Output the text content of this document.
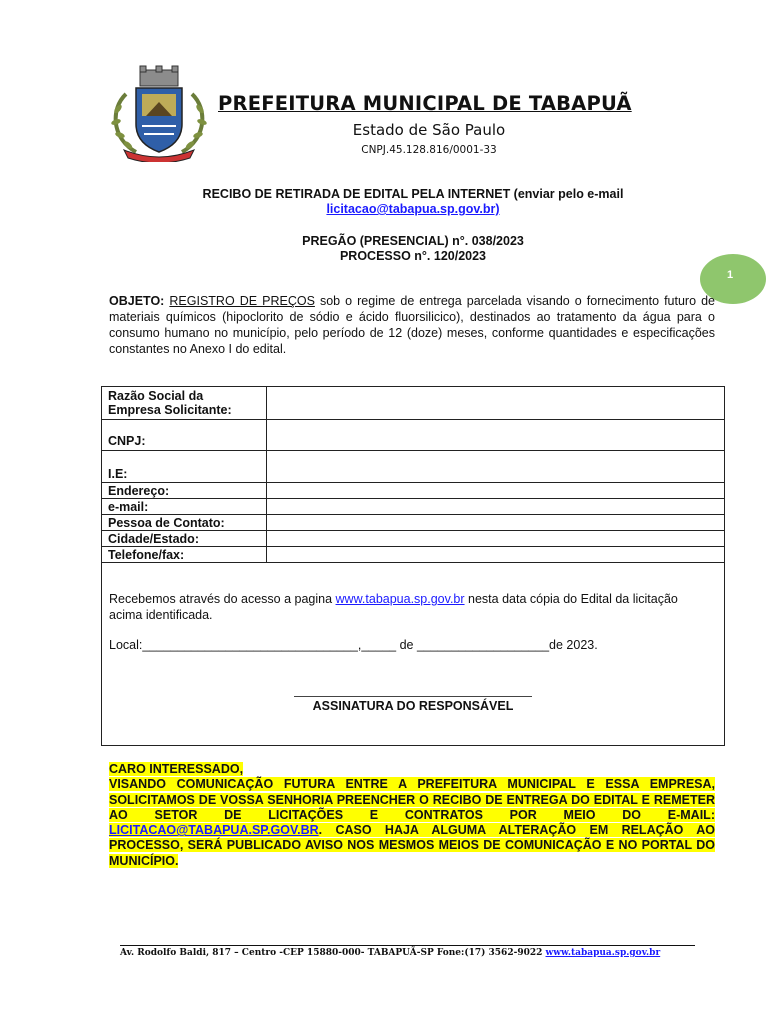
PREFEITURA MUNICIPAL DE TABAPUÃ
Estado de São Paulo
CNPJ.45.128.816/0001-33
RECIBO DE RETIRADA DE EDITAL PELA INTERNET (enviar pelo e-mail
licitacao@tabapua.sp.gov.br)
PREGÃO (PRESENCIAL) n°. 038/2023
PROCESSO n°. 120/2023
1
OBJETO: REGISTRO DE PREÇOS sob o regime de entrega parcelada visando o fornecimento futuro de materiais químicos (hipoclorito de sódio e ácido fluorsilicico), destinados ao tratamento da água para o consumo humano no município, pelo período de 12 (doze) meses, conforme quantidades e especificações constantes no Anexo I do edital.
Razão Social da
Empresa Solicitante:
CNPJ:
I.E:
Endereço:
e-mail:
Pessoa de Contato:
Cidade/Estado:
Telefone/fax:
Recebemos através do acesso a pagina www.tabapua.sp.gov.br nesta data cópia do Edital da licitação acima identificada.
Local:_______________________________,_____ de ___________________de 2023.
ASSINATURA DO RESPONSÁVEL
CARO INTERESSADO,
VISANDO COMUNICAÇÃO FUTURA ENTRE A PREFEITURA MUNICIPAL E ESSA EMPRESA, SOLICITAMOS DE VOSSA SENHORIA PREENCHER O RECIBO DE ENTREGA DO EDITAL E REMETER AO SETOR DE LICITAÇÕES E CONTRATOS POR MEIO DO E-MAIL: LICITACAO@TABAPUA.SP.GOV.BR. CASO HAJA ALGUMA ALTERAÇÃO EM RELAÇÃO AO PROCESSO, SERÁ PUBLICADO AVISO NOS MESMOS MEIOS DE COMUNICAÇÃO E NO PORTAL DO MUNICÍPIO.
Av. Rodolfo Baldi, 817 – Centro -CEP 15880-000- TABAPUÃ-SP Fone:(17) 3562-9022 www.tabapua.sp.gov.br
